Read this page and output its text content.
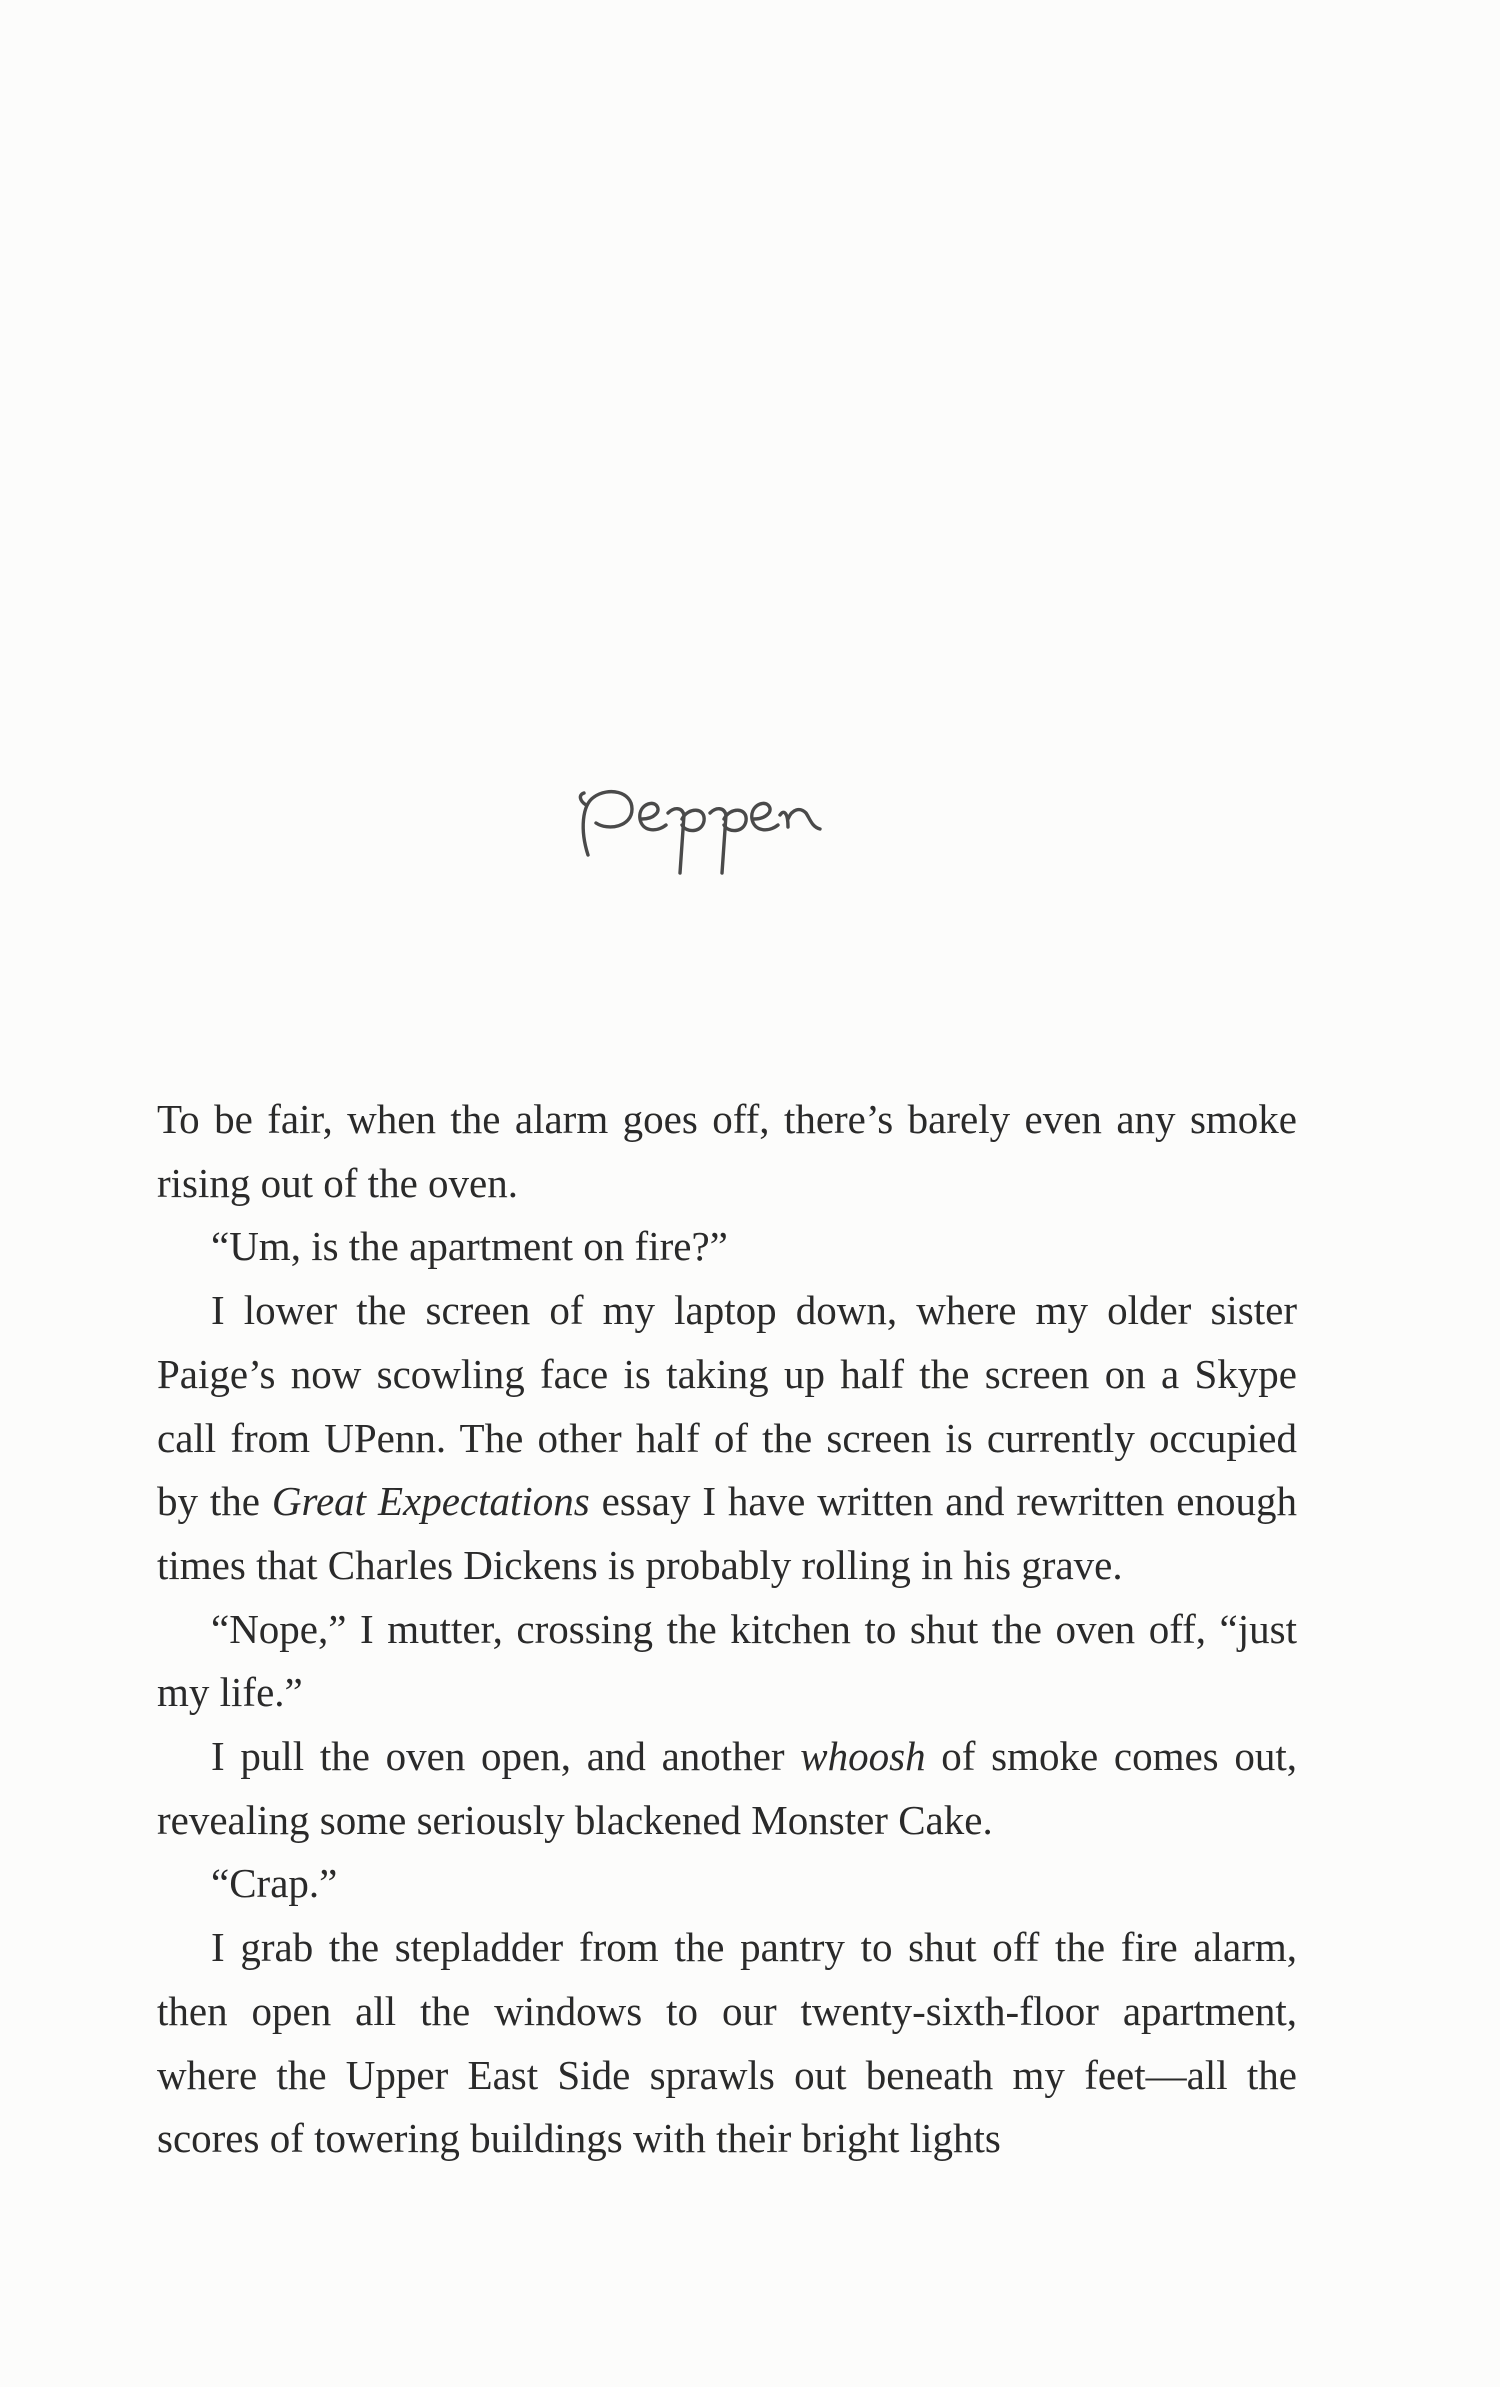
To be fair, when the alarm goes off, there’s barely even any smoke rising out of the oven.

“Um, is the apartment on fire?”

I lower the screen of my laptop down, where my older sister Paige’s now scowling face is taking up half the screen on a Skype call from UPenn. The other half of the screen is currently occupied by the Great Expectations essay I have written and rewritten enough times that Charles Dickens is probably rolling in his grave.

“Nope,” I mutter, crossing the kitchen to shut the oven off, “just my life.”

I pull the oven open, and another whoosh of smoke comes out, revealing some seriously blackened Monster Cake.

“Crap.”

I grab the stepladder from the pantry to shut off the fire alarm, then open all the windows to our twenty-sixth-floor apartment, where the Upper East Side sprawls out beneath my feet—all the scores of towering buildings with their bright lights
